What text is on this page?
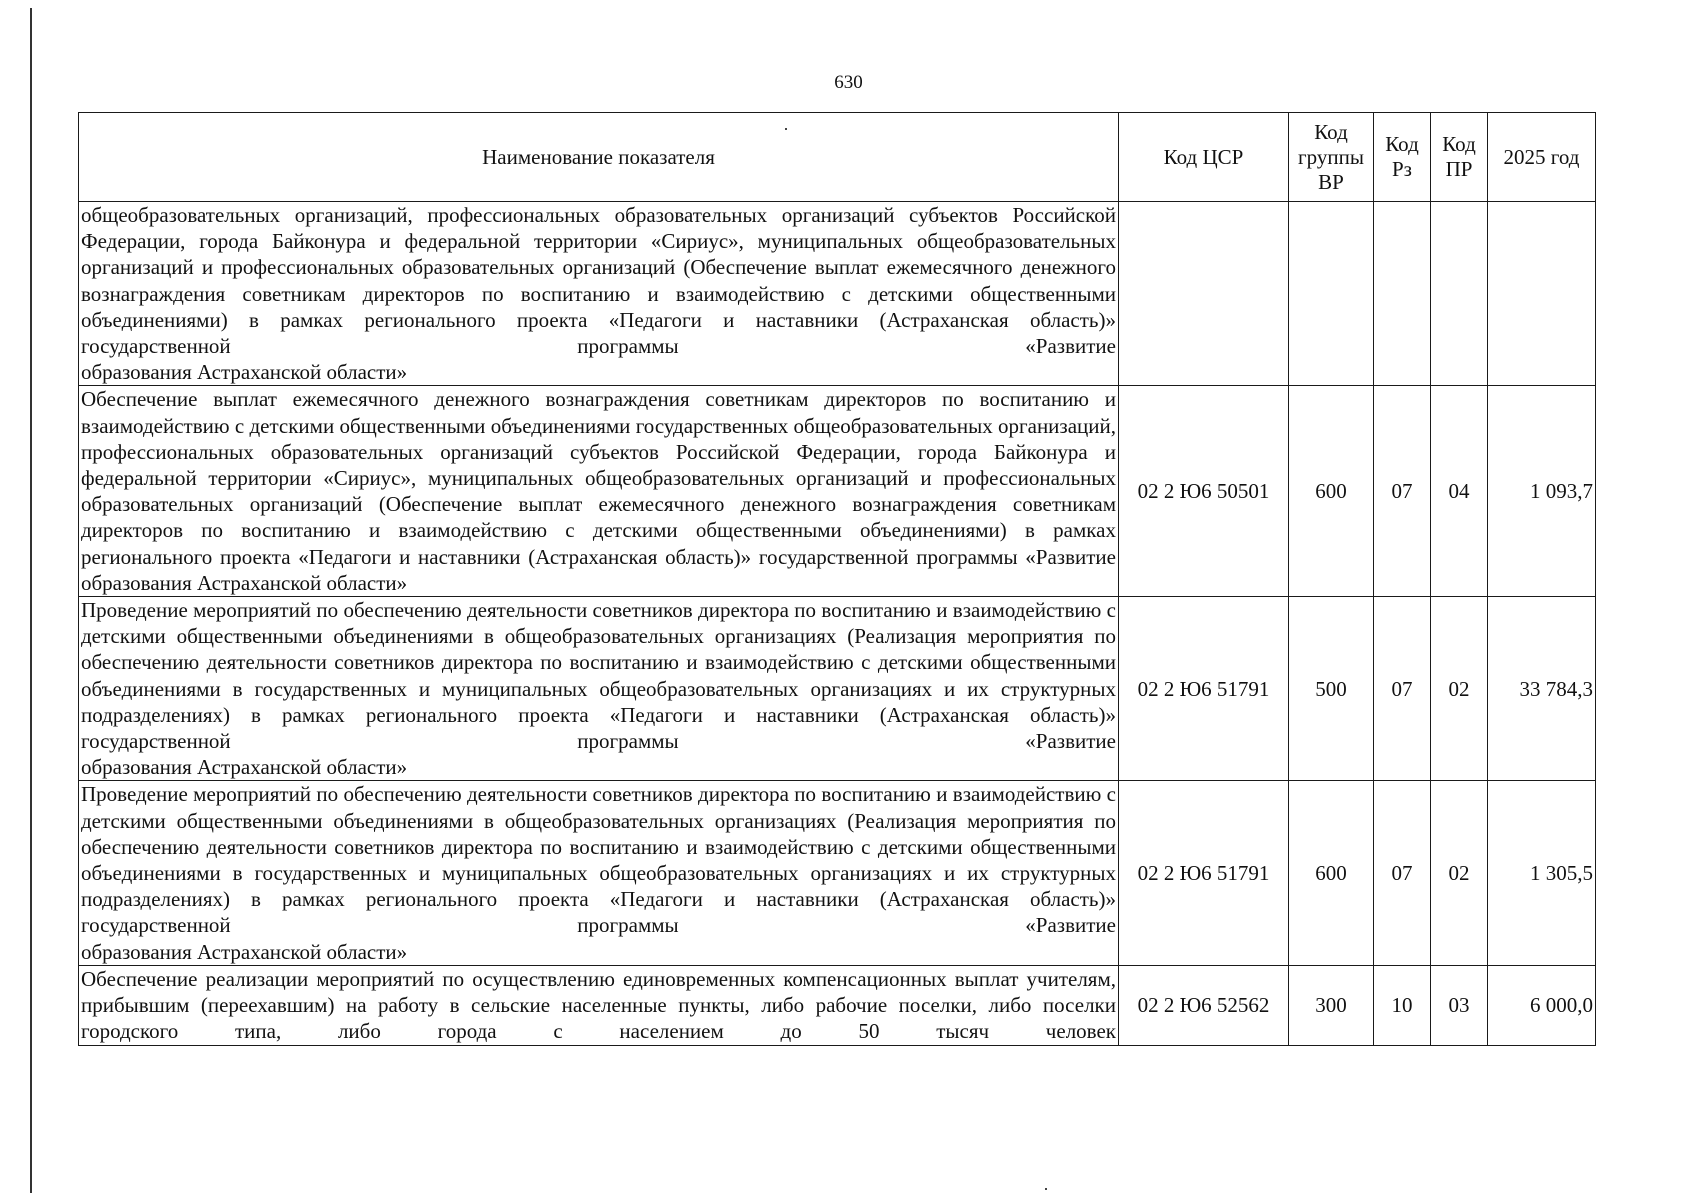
630
Наименование показателя	Код ЦСР	Код группы ВР	Код Рз	Код ПР	2025 год
общеобразовательных организаций, профессиональных образовательных организаций субъектов Российской Федерации, города Байконура и федеральной территории «Сириус», муниципальных общеобразовательных организаций и профессиональных образовательных организаций (Обеспечение выплат ежемесячного денежного вознаграждения советникам директоров по воспитанию и взаимодействию с детскими общественными объединениями) в рамках регионального проекта «Педагоги и наставники (Астраханская область)» государственной программы «Развитие
образования Астраханской области»					

Обеспечение выплат ежемесячного денежного вознаграждения советникам директоров по воспитанию и взаимодействию с детскими общественными объединениями государственных общеобразовательных организаций, профессиональных образовательных организаций субъектов Российской Федерации, города Байконура и федеральной территории «Сириус», муниципальных общеобразовательных организаций и профессиональных образовательных организаций (Обеспечение выплат ежемесячного денежного вознаграждения советникам директоров по воспитанию и взаимодействию с детскими общественными объединениями) в рамках регионального проекта «Педагоги и наставники (Астраханская область)» государственной программы «Развитие
образования Астраханской области»	02 2 Ю6 50501	600	07	04	1 093,7
Проведение мероприятий по обеспечению деятельности советников директора по воспитанию и взаимодействию с детскими общественными объединениями в общеобразовательных организациях (Реализация мероприятия по обеспечению деятельности советников директора по воспитанию и взаимодействию с детскими общественными объединениями в государственных и муниципальных общеобразовательных организациях и их структурных подразделениях) в рамках регионального проекта «Педагоги и наставники (Астраханская область)» государственной программы «Развитие
образования Астраханской области»	02 2 Ю6 51791	500	07	02	33 784,3
Проведение мероприятий по обеспечению деятельности советников директора по воспитанию и взаимодействию с детскими общественными объединениями в общеобразовательных организациях (Реализация мероприятия по обеспечению деятельности советников директора по воспитанию и взаимодействию с детскими общественными объединениями в государственных и муниципальных общеобразовательных организациях и их структурных подразделениях) в рамках регионального проекта «Педагоги и наставники (Астраханская область)» государственной программы «Развитие
образования Астраханской области»	02 2 Ю6 51791	600	07	02	1 305,5
Обеспечение реализации мероприятий по осуществлению единовременных компенсационных выплат учителям, прибывшим (переехавшим) на работу в сельские населенные пункты, либо рабочие поселки, либо поселки городского типа, либо города с населением до 50 тысяч человек	02 2 Ю6 52562	300	10	03	6 000,0
